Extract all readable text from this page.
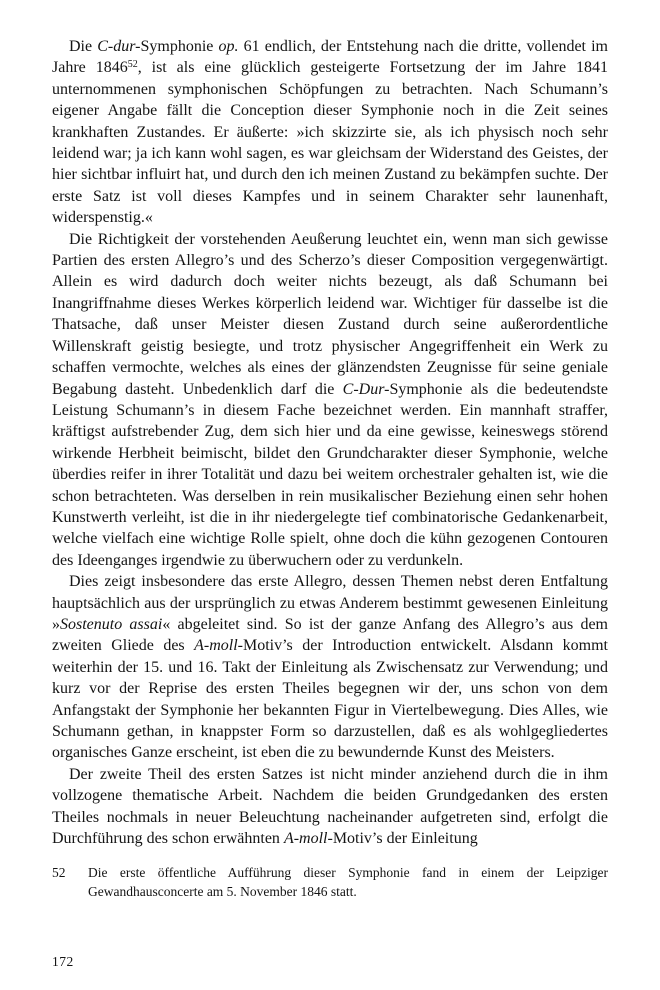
Die C-dur-Symphonie op. 61 endlich, der Entstehung nach die dritte, vollendet im Jahre 1846$^{52}$, ist als eine glücklich gesteigerte Fortsetzung der im Jahre 1841 unternommenen symphonischen Schöpfungen zu betrachten. Nach Schumann’s eigener Angabe fällt die Conception dieser Symphonie noch in die Zeit seines krankhaften Zustandes. Er äußerte: »ich skizzirte sie, als ich physisch noch sehr leidend war; ja ich kann wohl sagen, es war gleichsam der Widerstand des Geistes, der hier sichtbar influirt hat, und durch den ich meinen Zustand zu bekämpfen suchte. Der erste Satz ist voll dieses Kampfes und in seinem Charakter sehr launenhaft, widerspenstig.«

Die Richtigkeit der vorstehenden Aeußerung leuchtet ein, wenn man sich gewisse Partien des ersten Allegro’s und des Scherzo’s dieser Composition vergegenwärtigt. Allein es wird dadurch doch weiter nichts bezeugt, als daß Schumann bei Inangriffnahme dieses Werkes körperlich leidend war. Wichtiger für dasselbe ist die Thatsache, daß unser Meister diesen Zustand durch seine außerordentliche Willenskraft geistig besiegte, und trotz physischer Angegriffenheit ein Werk zu schaffen vermochte, welches als eines der glänzendsten Zeugnisse für seine geniale Begabung dasteht. Unbedenklich darf die C-Dur-Symphonie als die bedeutendste Leistung Schumann’s in diesem Fache bezeichnet werden. Ein mannhaft straffer, kräftigst aufstrebender Zug, dem sich hier und da eine gewisse, keineswegs störend wirkende Herbheit beimischt, bildet den Grundcharakter dieser Symphonie, welche überdies reifer in ihrer Totalität und dazu bei weitem orchestraler gehalten ist, wie die schon betrachteten. Was derselben in rein musikalischer Beziehung einen sehr hohen Kunstwerth verleiht, ist die in ihr niedergelegte tief combinatorische Gedankenarbeit, welche vielfach eine wichtige Rolle spielt, ohne doch die kühn gezogenen Contouren des Ideenganges irgendwie zu überwuchern oder zu verdunkeln.

Dies zeigt insbesondere das erste Allegro, dessen Themen nebst deren Entfaltung hauptsächlich aus der ursprünglich zu etwas Anderem bestimmt gewesenen Einleitung »Sostenuto assai« abgeleitet sind. So ist der ganze Anfang des Allegro’s aus dem zweiten Gliede des A-moll-Motiv’s der Introduction entwickelt. Alsdann kommt weiterhin der 15. und 16. Takt der Einleitung als Zwischensatz zur Verwendung; und kurz vor der Reprise des ersten Theiles begegnen wir der, uns schon von dem Anfangstakt der Symphonie her bekannten Figur in Viertelbewegung. Dies Alles, wie Schumann gethan, in knappster Form so darzustellen, daß es als wohlgegliedertes organisches Ganze erscheint, ist eben die zu bewundernde Kunst des Meisters.

Der zweite Theil des ersten Satzes ist nicht minder anziehend durch die in ihm vollzogene thematische Arbeit. Nachdem die beiden Grundgedanken des ersten Theiles nochmals in neuer Beleuchtung nacheinander aufgetreten sind, erfolgt die Durchführung des schon erwähnten A-moll-Motiv’s der Einleitung

52	Die erste öffentliche Aufführung dieser Symphonie fand in einem der Leipziger Gewandhausconcerte am 5. November 1846 statt.
172
